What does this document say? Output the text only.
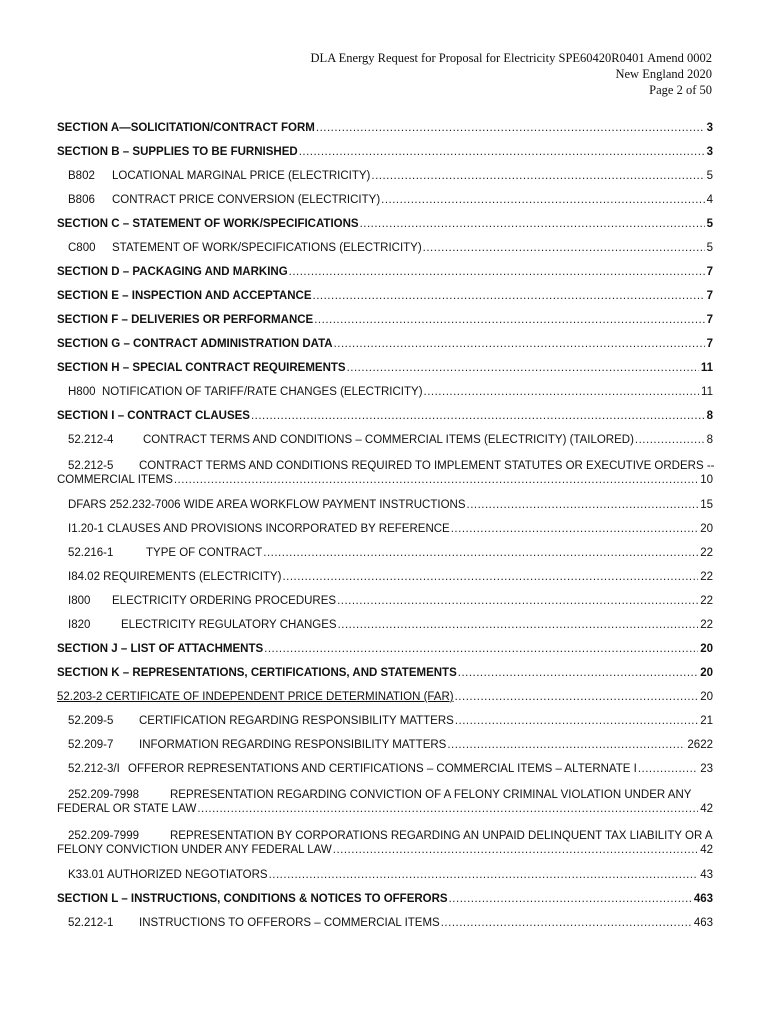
DLA Energy Request for Proposal for Electricity SPE60420R0401 Amend 0002
New England 2020
Page 2 of 50
SECTION A—SOLICITATION/CONTRACT FORM .....	3
SECTION B – SUPPLIES TO BE FURNISHED .....	3
B802	LOCATIONAL MARGINAL PRICE (ELECTRICITY) .....	5
B806	CONTRACT PRICE CONVERSION (ELECTRICITY) .....	4
SECTION C – STATEMENT OF WORK/SPECIFICATIONS .....	5
C800	STATEMENT OF WORK/SPECIFICATIONS (ELECTRICITY) .....	5
SECTION D – PACKAGING AND MARKING .....	7
SECTION E – INSPECTION AND ACCEPTANCE .....	7
SECTION F – DELIVERIES OR PERFORMANCE .....	7
SECTION G – CONTRACT ADMINISTRATION DATA .....	7
SECTION H – SPECIAL CONTRACT REQUIREMENTS .....	11
H800 NOTIFICATION OF TARIFF/RATE CHANGES (ELECTRICITY) .....	11
SECTION I – CONTRACT CLAUSES .....	8
52.212-4	CONTRACT TERMS AND CONDITIONS – COMMERCIAL ITEMS (ELECTRICITY) (TAILORED) .....	8
52.212-5 CONTRACT TERMS AND CONDITIONS REQUIRED TO IMPLEMENT STATUTES OR EXECUTIVE ORDERS --
COMMERCIAL ITEMS .....	10
DFARS 252.232-7006 WIDE AREA WORKFLOW PAYMENT INSTRUCTIONS .....	15
I1.20-1 CLAUSES AND PROVISIONS INCORPORATED BY REFERENCE .....	20
52.216-1	TYPE OF CONTRACT .....	22
I84.02 REQUIREMENTS (ELECTRICITY) .....	22
I800	ELECTRICITY ORDERING PROCEDURES .....	22
I820	ELECTRICITY REGULATORY CHANGES .....	22
SECTION J – LIST OF ATTACHMENTS .....	20
SECTION K – REPRESENTATIONS, CERTIFICATIONS, AND STATEMENTS .....	20
52.203-2 CERTIFICATE OF INDEPENDENT PRICE DETERMINATION (FAR) .....	20
52.209-5	CERTIFICATION REGARDING RESPONSIBILITY MATTERS .....	21
52.209-7	INFORMATION REGARDING RESPONSIBILITY MATTERS .....	2622
52.212-3/I OFFEROR REPRESENTATIONS AND CERTIFICATIONS – COMMERCIAL ITEMS – ALTERNATE I .....	23
252.209-7998	REPRESENTATION REGARDING CONVICTION OF A FELONY CRIMINAL VIOLATION UNDER ANY
FEDERAL OR STATE LAW .....	42
252.209-7999	REPRESENTATION BY CORPORATIONS REGARDING AN UNPAID DELINQUENT TAX LIABILITY OR A
FELONY CONVICTION UNDER ANY FEDERAL LAW .....	42
K33.01 AUTHORIZED NEGOTIATORS .....	43
SECTION L – INSTRUCTIONS, CONDITIONS & NOTICES TO OFFERORS .....	463
52.212-1	INSTRUCTIONS TO OFFERORS – COMMERCIAL ITEMS .....	463
